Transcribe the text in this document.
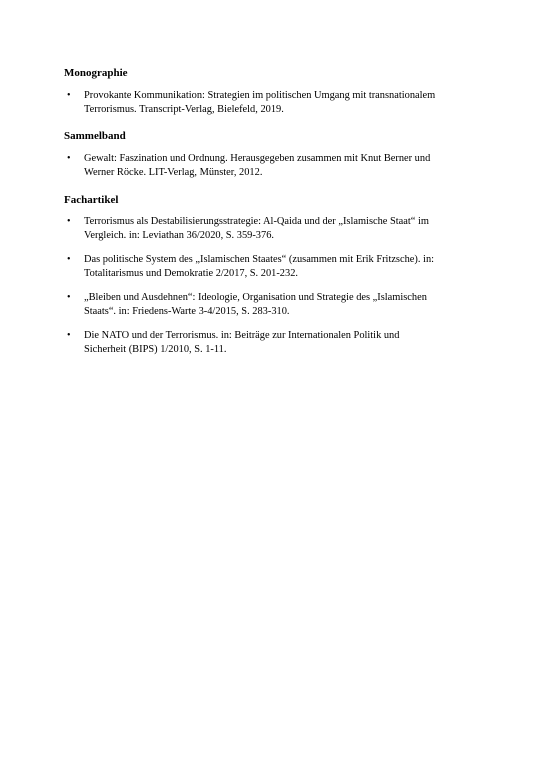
Monographie
• Provokante Kommunikation: Strategien im politischen Umgang mit transnationalem
Terrorismus. Transcript-Verlag, Bielefeld, 2019.
Sammelband
• Gewalt: Faszination und Ordnung. Herausgegeben zusammen mit Knut Berner und
Werner Röcke. LIT-Verlag, Münster, 2012.
Fachartikel
• Terrorismus als Destabilisierungsstrategie: Al-Qaida und der „Islamische Staat“ im
Vergleich. in: Leviathan 36/2020, S. 359-376.
• Das politische System des „Islamischen Staates“ (zusammen mit Erik Fritzsche). in:
Totalitarismus und Demokratie 2/2017, S. 201-232.
• „Bleiben und Ausdehnen“: Ideologie, Organisation und Strategie des „Islamischen
Staats“. in: Friedens-Warte 3-4/2015, S. 283-310.
• Die NATO und der Terrorismus. in: Beiträge zur Internationalen Politik und
Sicherheit (BIPS) 1/2010, S. 1-11.
